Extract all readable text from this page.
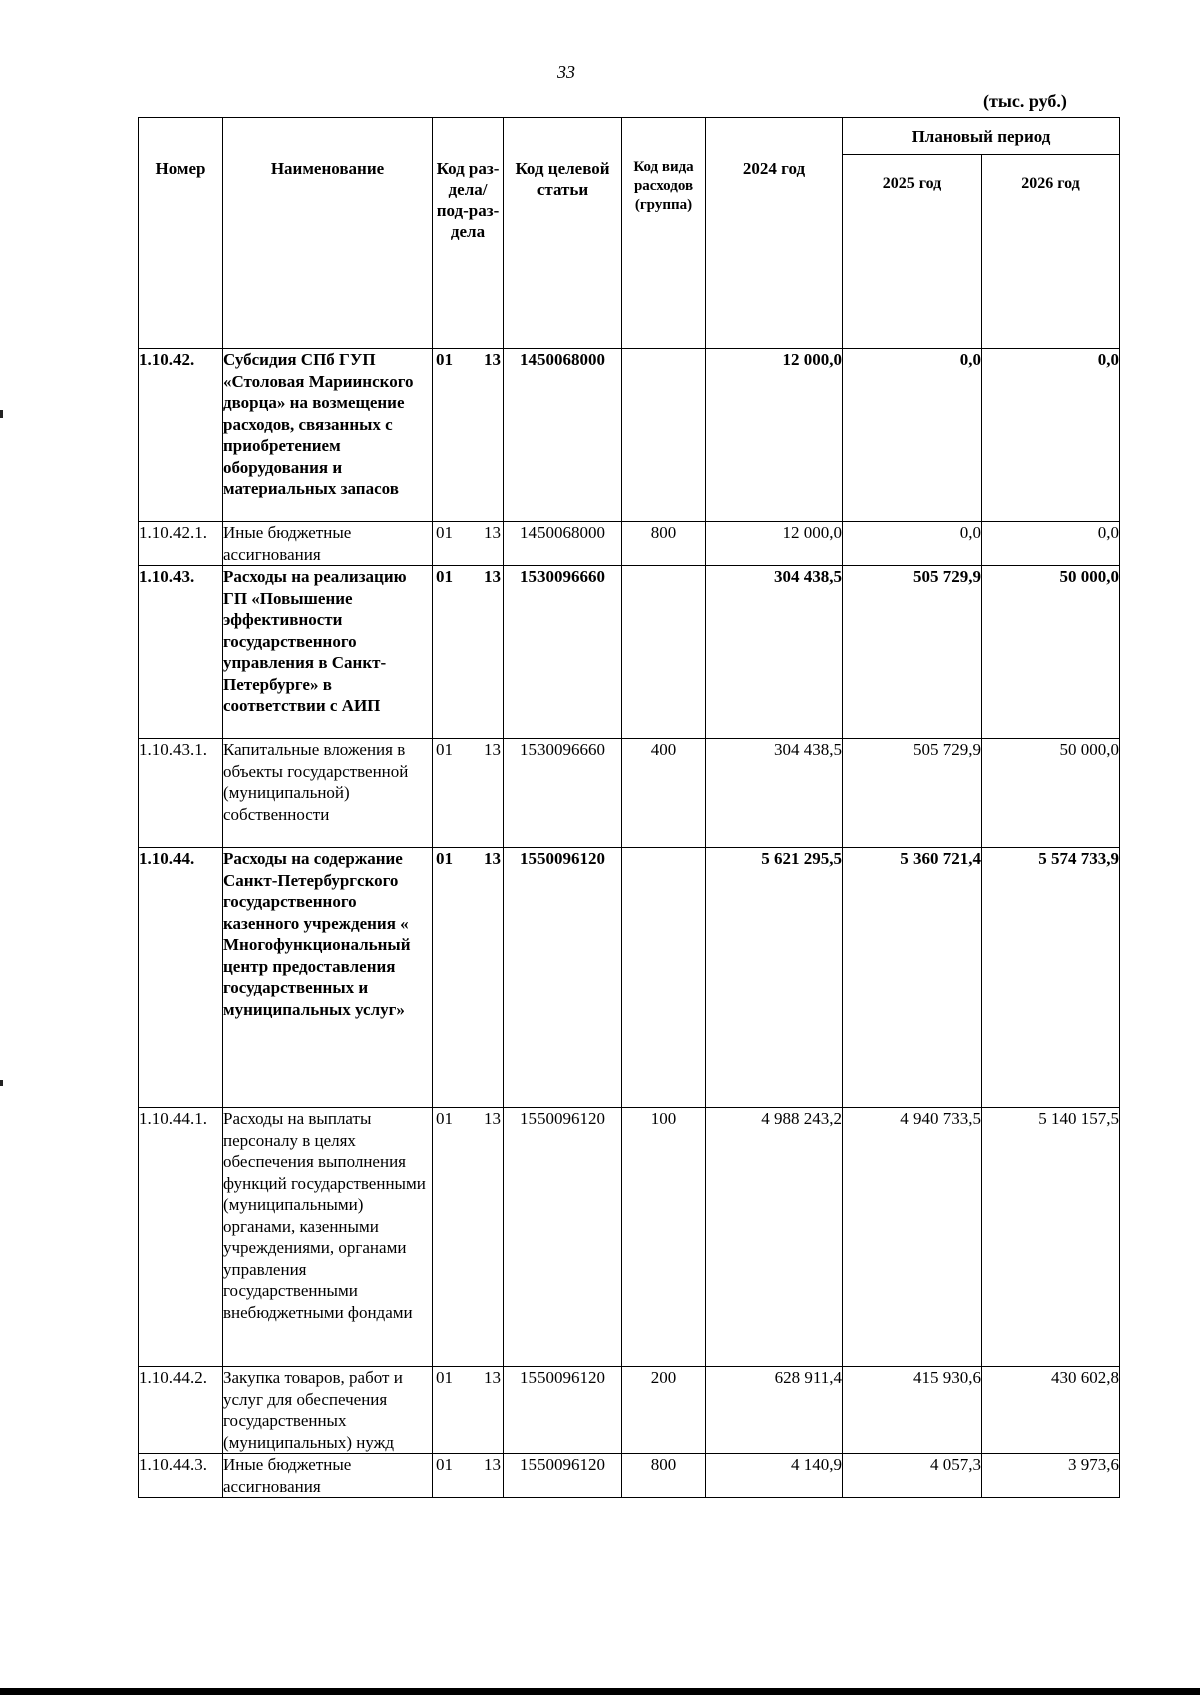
33
(тыс. руб.)
Номер	Наименование	Код раз-дела/ под-раз-дела	Код целевой статьи	Код вида расходов (группа)	2024 год	Плановый период	
						2025 год	2026 год
1.10.42.	Субсидия СПб ГУП «Столовая Мариинского дворца» на возмещение расходов, связанных с приобретением оборудования и материальных запасов	01 13	1450068000		12 000,0	0,0	0,0
1.10.42.1.	Иные бюджетные ассигнования	01 13	1450068000	800	12 000,0	0,0	0,0
1.10.43.	Расходы на реализацию ГП «Повышение эффективности государственного управления в Санкт-Петербурге» в соответствии с АИП	01 13	1530096660		304 438,5	505 729,9	50 000,0
1.10.43.1.	Капитальные вложения в объекты государственной (муниципальной) собственности	01 13	1530096660	400	304 438,5	505 729,9	50 000,0
1.10.44.	Расходы на содержание Санкт-Петербургского государственного казенного учреждения « Многофункциональный центр предоставления государственных и муниципальных услуг»	01 13	1550096120		5 621 295,5	5 360 721,4	5 574 733,9
1.10.44.1.	Расходы на выплаты персоналу в целях обеспечения выполнения функций государственными (муниципальными) органами, казенными учреждениями, органами управления государственными внебюджетными фондами	01 13	1550096120	100	4 988 243,2	4 940 733,5	5 140 157,5
1.10.44.2.	Закупка товаров, работ и услуг для обеспечения государственных (муниципальных) нужд	01 13	1550096120	200	628 911,4	415 930,6	430 602,8
1.10.44.3.	Иные бюджетные ассигнования	01 13	1550096120	800	4 140,9	4 057,3	3 973,6
